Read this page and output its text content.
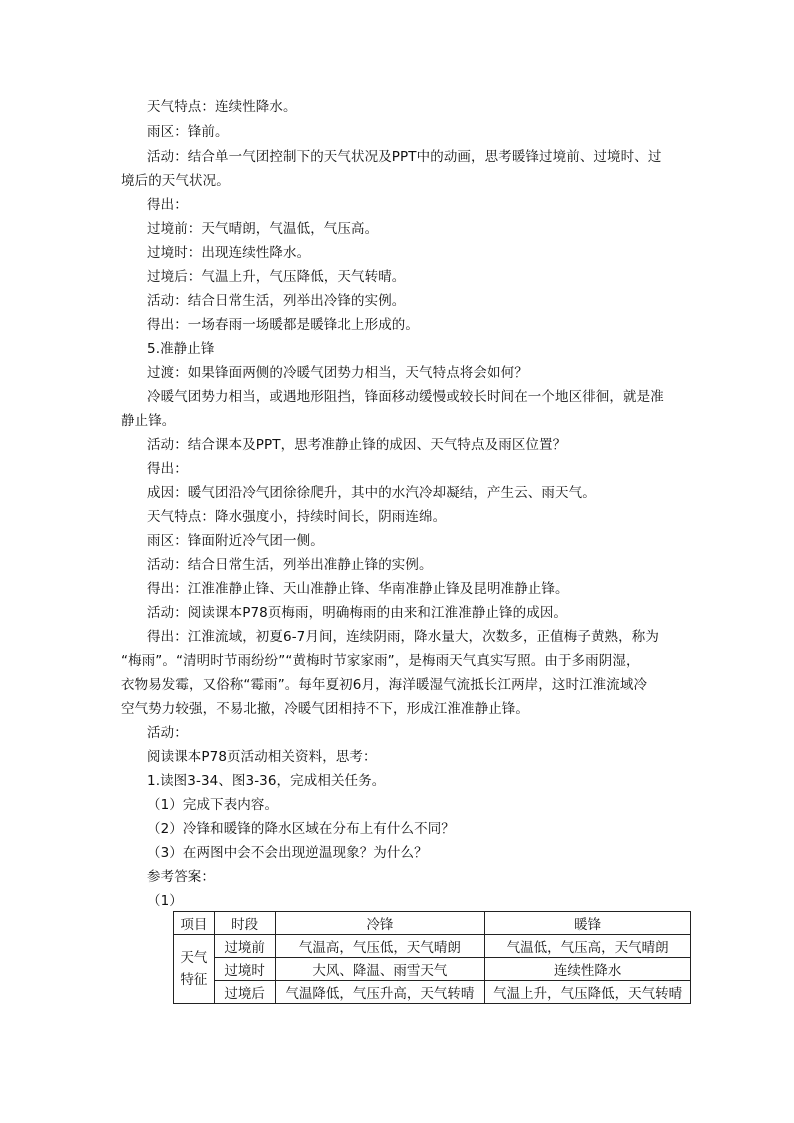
天气特点：连续性降水。
雨区：锋前。
活动：结合单一气团控制下的天气状况及PPT中的动画，思考暖锋过境前、过境时、过
境后的天气状况。
得出：
过境前：天气晴朗，气温低，气压高。
过境时：出现连续性降水。
过境后：气温上升，气压降低，天气转晴。
活动：结合日常生活，列举出冷锋的实例。
得出：一场春雨一场暖都是暖锋北上形成的。
5.准静止锋
过渡：如果锋面两侧的冷暖气团势力相当，天气特点将会如何？
冷暖气团势力相当，或遇地形阻挡，锋面移动缓慢或较长时间在一个地区徘徊，就是准
静止锋。
活动：结合课本及PPT，思考准静止锋的成因、天气特点及雨区位置？
得出：
成因：暖气团沿冷气团徐徐爬升，其中的水汽冷却凝结，产生云、雨天气。
天气特点：降水强度小，持续时间长，阴雨连绵。
雨区：锋面附近冷气团一侧。
活动：结合日常生活，列举出准静止锋的实例。
得出：江淮准静止锋、天山准静止锋、华南准静止锋及昆明准静止锋。
活动：阅读课本P78页梅雨，明确梅雨的由来和江淮准静止锋的成因。
得出：江淮流域，初夏6-7月间，连续阴雨，降水量大，次数多，正值梅子黄熟，称为
“梅雨”。“清明时节雨纷纷”“黄梅时节家家雨”，是梅雨天气真实写照。由于多雨阴湿，
衣物易发霉，又俗称“霉雨”。每年夏初6月，海洋暖湿气流抵长江两岸，这时江淮流域冷
空气势力较强，不易北撤，冷暖气团相持不下，形成江淮准静止锋。
活动：
阅读课本P78页活动相关资料，思考：
1.读图3-34、图3-36，完成相关任务。
（1）完成下表内容。
（2）冷锋和暖锋的降水区域在分布上有什么不同？
（3）在两图中会不会出现逆温现象？为什么？
参考答案：
（1）
项目	时段	冷锋	暖锋
天气
特征	过境前	气温高，气压低，天气晴朗	气温低，气压高，天气晴朗
	过境时	大风、降温、雨雪天气	连续性降水
	过境后	气温降低，气压升高，天气转晴	气温上升，气压降低，天气转晴
